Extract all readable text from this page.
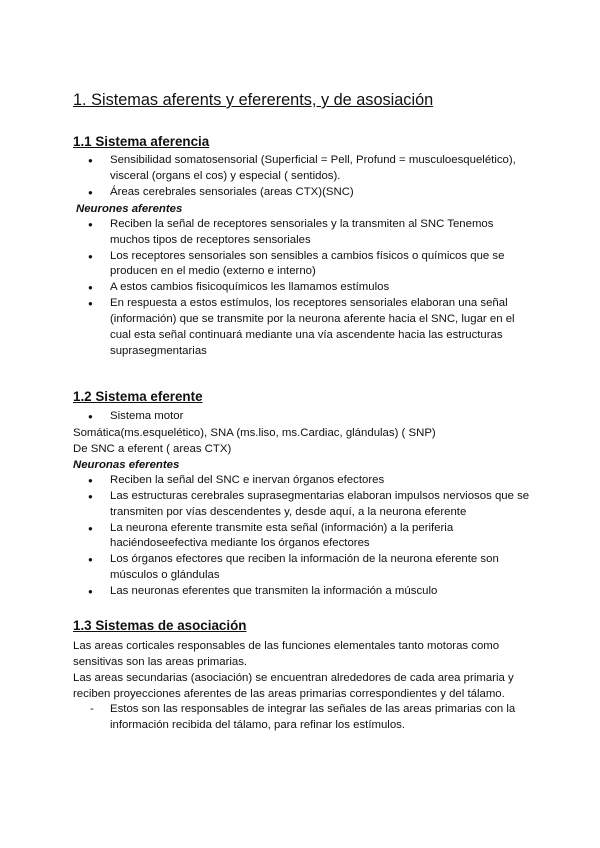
1. Sistemas aferents y efererents, y de asosiación
1.1 Sistema aferencia
● Sensibilidad somatosensorial (Superficial = Pell, Profund = musculoesquelético), visceral (organs el cos) y especial ( sentidos).
● Áreas cerebrales sensoriales (areas CTX)(SNC)
Neurones aferentes
● Reciben la señal de receptores sensoriales y la transmiten al SNC Tenemos muchos tipos de receptores sensoriales
● Los receptores sensoriales son sensibles a cambios físicos o químicos que se producen en el medio (externo e interno)
● A estos cambios fisicoquímicos les llamamos estímulos
● En respuesta a estos estímulos, los receptores sensoriales elaboran una señal (información) que se transmite por la neurona aferente hacia el SNC, lugar en el cual esta señal continuará mediante una vía ascendente hacia las estructuras suprasegmentarias
1.2 Sistema eferente
● Sistema motor
Somática(ms.esquelético), SNA (ms.liso, ms.Cardiac, glándulas) ( SNP)
De SNC a eferent ( areas CTX)
Neuronas eferentes
● Reciben la señal del SNC e inervan órganos efectores
● Las estructuras cerebrales suprasegmentarias elaboran impulsos nerviosos que se transmiten por vías descendentes y, desde aquí, a la neurona eferente
● La neurona eferente transmite esta señal (información) a la periferia haciéndoseefectiva mediante los órganos efectores
● Los órganos efectores que reciben la información de la neurona eferente son músculos o glándulas
● Las neuronas eferentes que transmiten la información a músculo
1.3 Sistemas de asociación
Las areas corticales responsables de las funciones elementales tanto motoras como sensitivas son las areas primarias.
Las areas secundarias (asociación) se encuentran alrededores de cada area primaria y reciben proyecciones aferentes de las areas primarias correspondientes y del tálamo.
- Estos son las responsables de integrar las señales de las areas primarias con la información recibida del tálamo, para refinar los estímulos.
